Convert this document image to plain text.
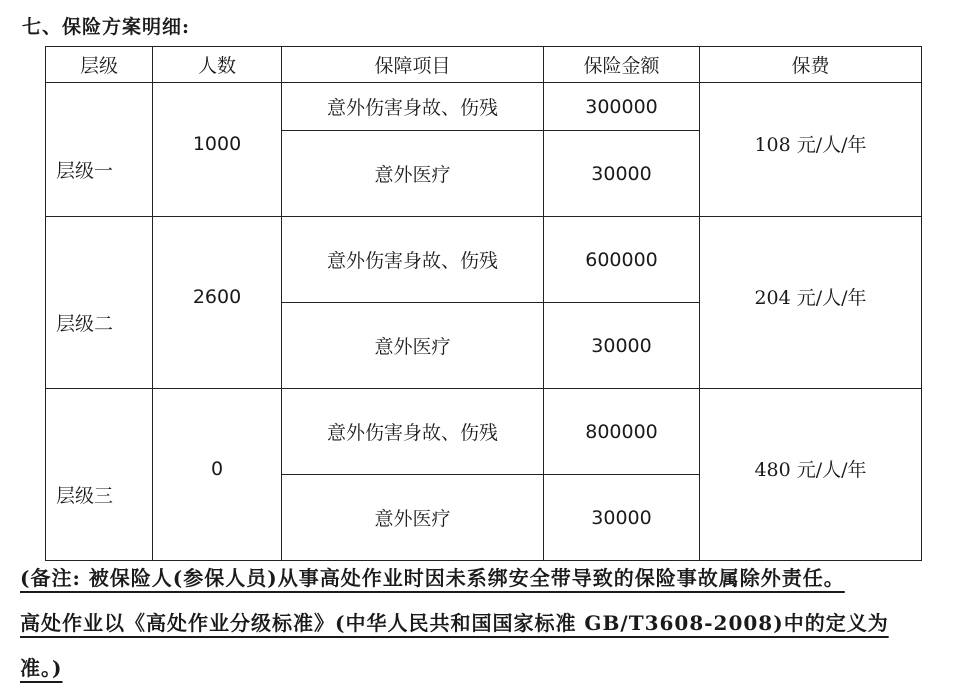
七、保险方案明细:
层级	人数	保障项目	保险金额	保费
层级一	1000	意外伤害身故、伤残	300000	108 元/人/年
		意外医疗	30000	
层级二	2600	意外伤害身故、伤残	600000	204 元/人/年
		意外医疗	30000	
层级三	0	意外伤害身故、伤残	800000	480 元/人/年
		意外医疗	30000	
(备注: 被保险人(参保人员)从事高处作业时因未系绑安全带导致的保险事故属除外责任。
高处作业以《高处作业分级标准》(中华人民共和国国家标准 GB/T3608-2008)中的定义为
准。)
